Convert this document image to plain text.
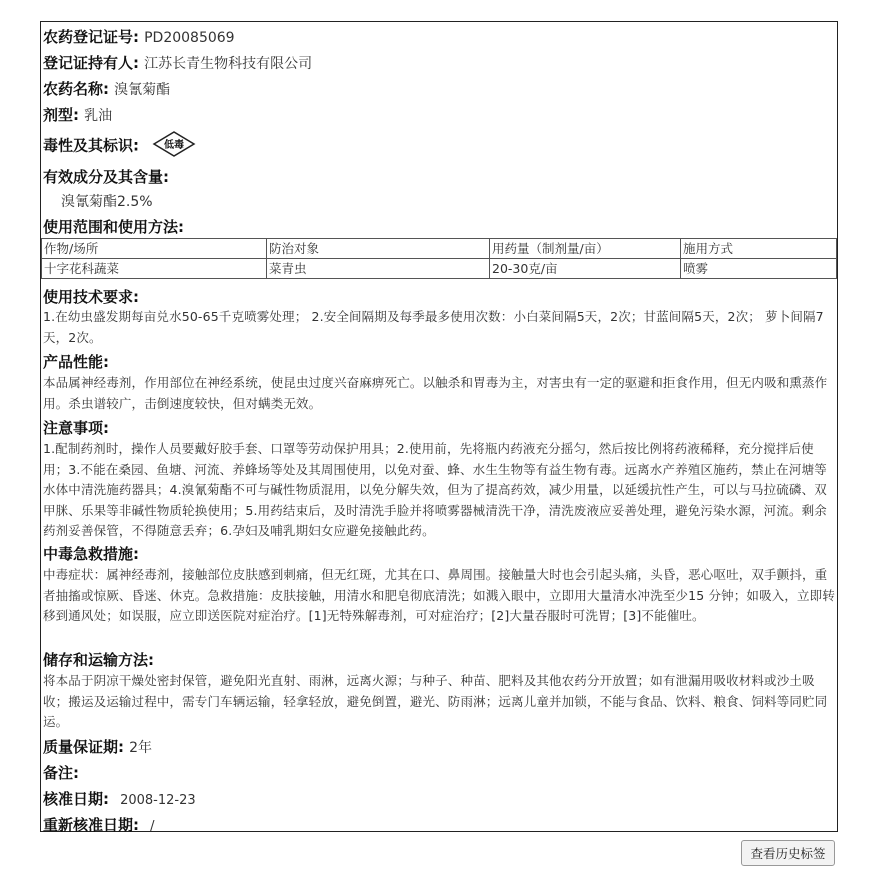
农药登记证号: PD20085069
登记证持有人: 江苏长青生物科技有限公司
农药名称: 溴氰菊酯
剂型: 乳油
毒性及其标识:	低毒
有效成分及其含量:
溴氰菊酯2.5%
使用范围和使用方法:
作物/场所	防治对象	用药量（制剂量/亩）	施用方式
十字花科蔬菜	菜青虫	20-30克/亩	喷雾
使用技术要求:
1.在幼虫盛发期每亩兑水50-65千克喷雾处理； 2.安全间隔期及每季最多使用次数：小白菜间隔5天，2次；甘蓝间隔5天，2次； 萝卜间隔7天，2次。
产品性能:
本品属神经毒剂，作用部位在神经系统，使昆虫过度兴奋麻痹死亡。以触杀和胃毒为主，对害虫有一定的驱避和拒食作用，但无内吸和熏蒸作用。杀虫谱较广，击倒速度较快，但对螨类无效。
注意事项:
1.配制药剂时，操作人员要戴好胶手套、口罩等劳动保护用具；2.使用前，先将瓶内药液充分摇匀，然后按比例将药液稀释，充分搅拌后使用；3.不能在桑园、鱼塘、河流、养蜂场等处及其周围使用，以免对蚕、蜂、水生生物等有益生物有毒。远离水产养殖区施药，禁止在河塘等水体中清洗施药器具；4.溴氰菊酯不可与碱性物质混用，以免分解失效，但为了提高药效，减少用量，以延缓抗性产生，可以与马拉硫磷、双甲脒、乐果等非碱性物质轮换使用；5.用药结束后，及时清洗手脸并将喷雾器械清洗干净，清洗废液应妥善处理，避免污染水源，河流。剩余药剂妥善保管，不得随意丢弃；6.孕妇及哺乳期妇女应避免接触此药。
中毒急救措施:
中毒症状：属神经毒剂，接触部位皮肤感到刺痛，但无红斑，尤其在口、鼻周围。接触量大时也会引起头痛，头昏，恶心呕吐，双手颤抖，重者抽搐或惊厥、昏迷、休克。急救措施：皮肤接触，用清水和肥皂彻底清洗；如溅入眼中，立即用大量清水冲洗至少15 分钟；如吸入，立即转移到通风处；如误服，应立即送医院对症治疗。[1]无特殊解毒剂，可对症治疗；[2]大量吞服时可洗胃；[3]不能催吐。
储存和运输方法:
将本品于阴凉干燥处密封保管，避免阳光直射、雨淋，远离火源；与种子、种苗、肥料及其他农药分开放置；如有泄漏用吸收材料或沙土吸收；搬运及运输过程中，需专门车辆运输，轻拿轻放，避免倒置，避光、防雨淋；远离儿童并加锁，不能与食品、饮料、粮食、饲料等同贮同运。
质量保证期: 2年
备注:
核准日期: 2008-12-23
重新核准日期: /
查看历史标签
